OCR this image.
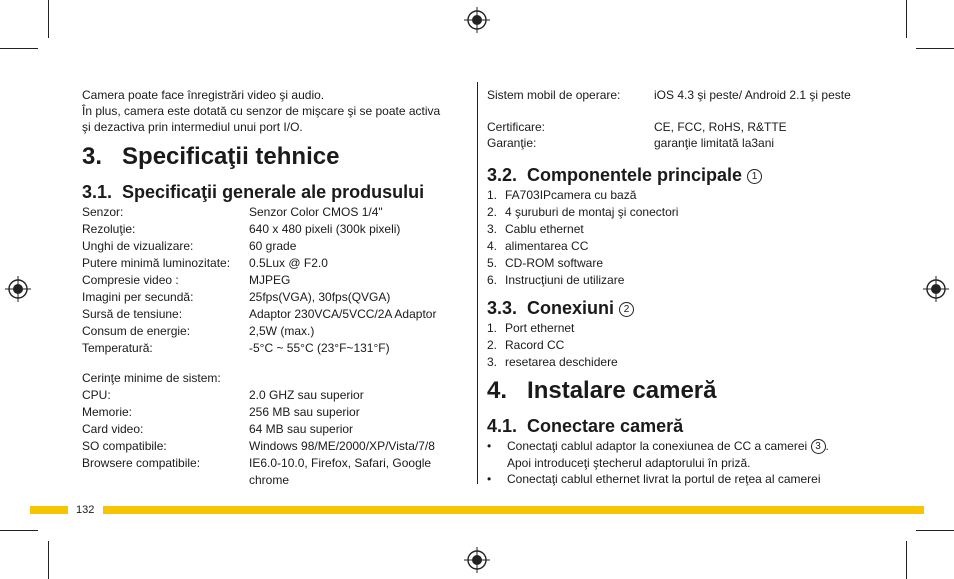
Camera poate face înregistrări video şi audio.
În plus, camera este dotată cu senzor de mişcare şi se poate activa
şi dezactiva prin intermediul unui port I/O.
3.   Specificaţii tehnice
3.1.  Specificaţii generale ale produsului
Senzor:	Senzor Color CMOS 1/4"
Rezoluţie:	640 x 480 pixeli (300k pixeli)
Unghi de vizualizare:	60 grade
Putere minimă luminozitate: 0.5Lux @ F2.0
Compresie video :	MJPEG
Imagini per secundă:	25fps(VGA), 30fps(QVGA)
Sursă de tensiune:	Adaptor 230VCA/5VCC/2A Adaptor
Consum de energie:	2,5W (max.)
Temperatură:	-5°C ~ 55°C (23°F~131°F)
Cerinţe minime de sistem:
CPU:	2.0 GHZ sau superior
Memorie:	256 MB sau superior
Card video:	64 MB sau superior
SO compatibile:	Windows 98/ME/2000/XP/Vista/7/8
Browsere compatibile:	IE6.0-10.0, Firefox, Safari, Google
chrome
Sistem mobil de operare:	iOS 4.3 şi peste/ Android 2.1 şi peste
Certificare:	CE, FCC, RoHS, R&TTE
Garanţie:	garanţie limitată la3ani
3.2.  Componentele principale 1
1. FA703IPcamera cu bază
2. 4 şuruburi de montaj şi conectori
3. Cablu ethernet
4. alimentarea CC
5. CD-ROM software
6. Instrucţiuni de utilizare
3.3.  Conexiuni 2
1. Port ethernet
2. Racord CC
3. resetarea deschidere
4.   Instalare cameră
4.1.  Conectare cameră
• Conectaţi cablul adaptor la conexiunea de CC a camerei 3 .
Apoi introduceţi ştecherul adaptorului în priză.
• Conectaţi cablul ethernet livrat la portul de reţea al camerei
132
